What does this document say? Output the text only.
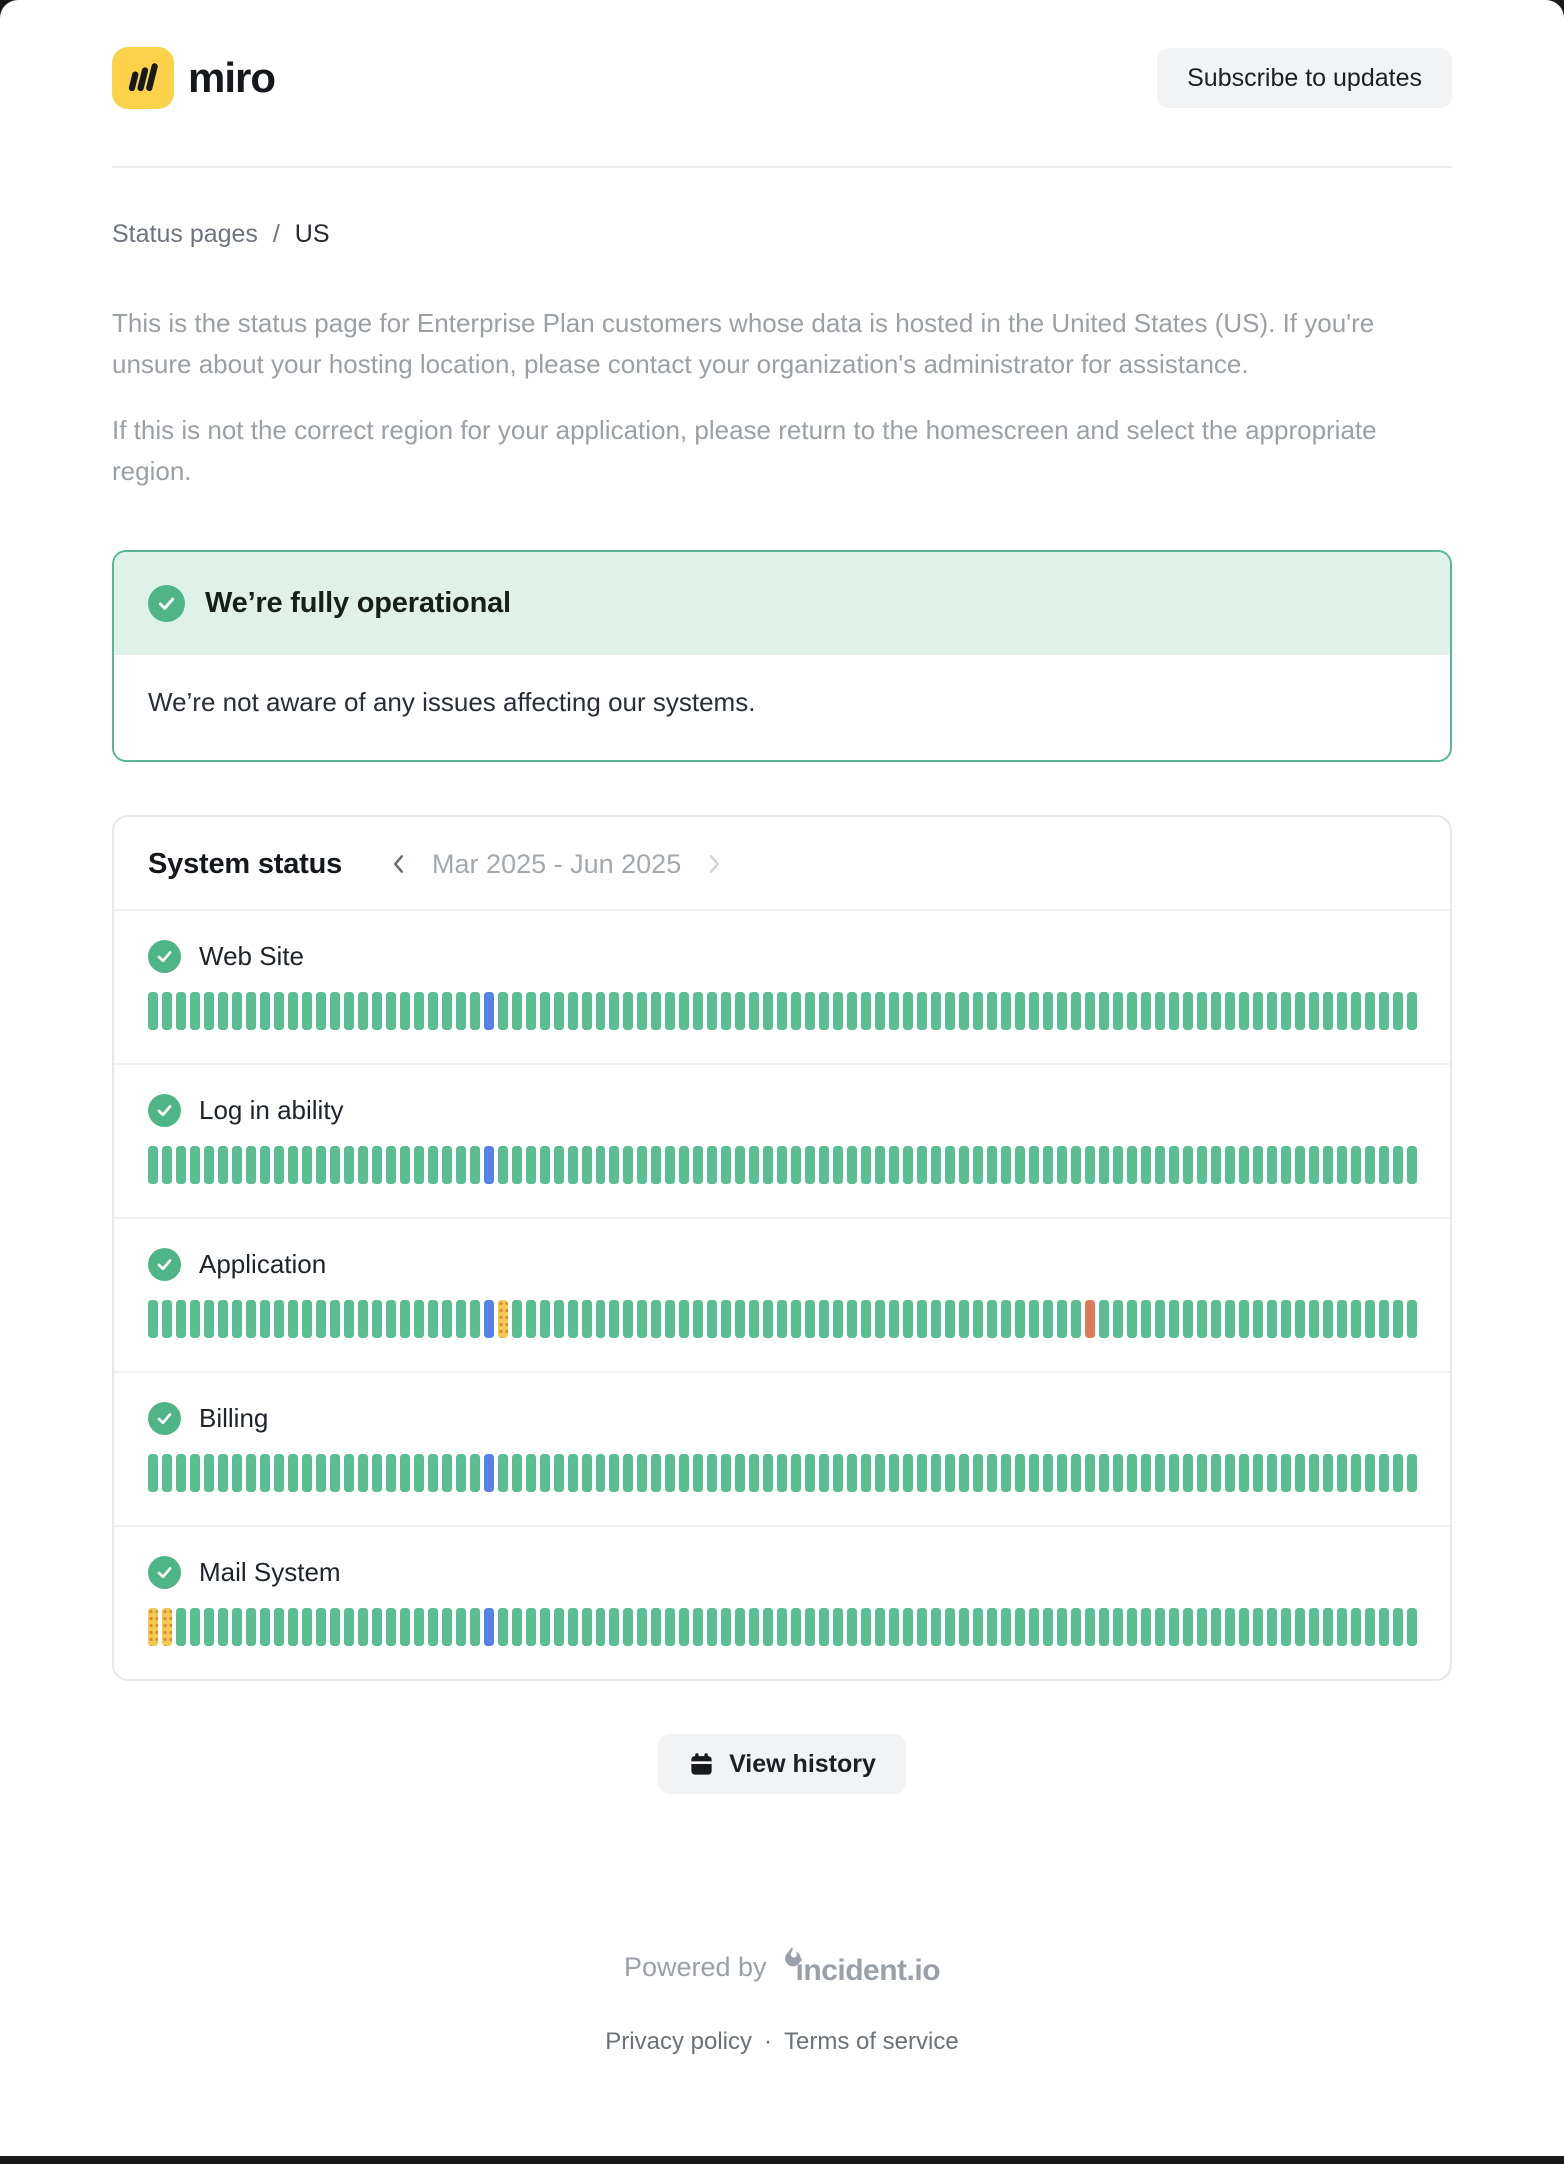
miro	Subscribe to updates
Status pages / US

This is the status page for Enterprise Plan customers whose data is hosted in the United States (US). If you're unsure about your hosting location, please contact your organization's administrator for assistance.

If this is not the correct region for your application, please return to the homescreen and select the appropriate region.

We’re fully operational
We’re not aware of any issues affecting our systems.
System status	Mar 2025 - Jun 2025
Web Site
Log in ability
Application
Billing
Mail System
View history
Powered by incident.io
Privacy policy · Terms of service
